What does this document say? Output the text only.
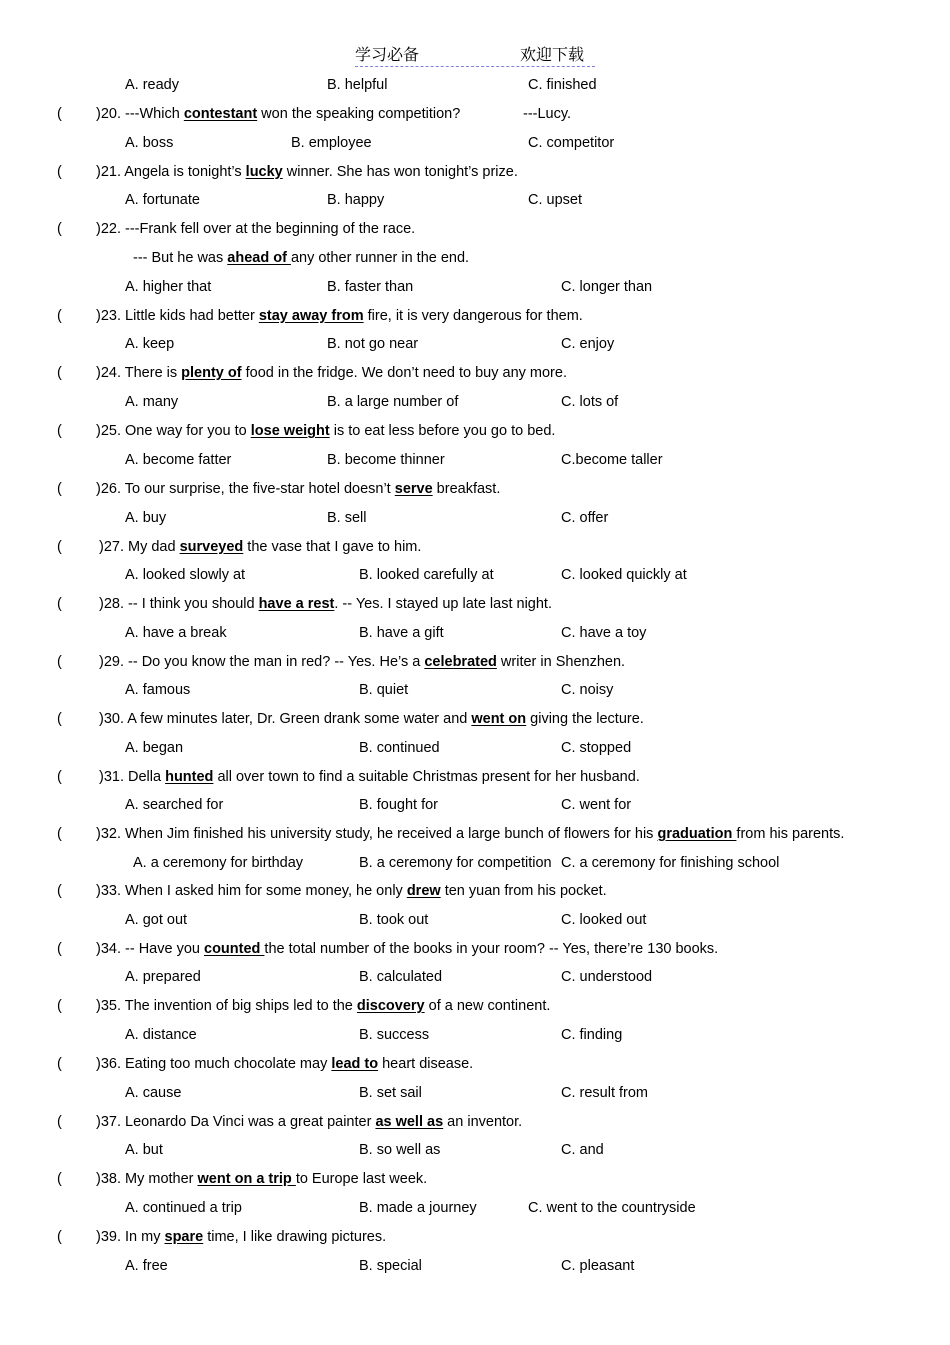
学习必备	欢迎下载
A. ready	B. helpful	C. finished
( )20. ---Which contestant won the speaking competition?	---Lucy.
A. boss	B. employee	C. competitor
( )21. Angela is tonight’s lucky winner. She has won tonight’s prize.
A. fortunate	B. happy	C. upset
( )22. ---Frank fell over at the beginning of the race.
--- But he was ahead of any other runner in the end.
A. higher that	B. faster than	C. longer than
( )23. Little kids had better stay away from fire, it is very dangerous for them.
A. keep	B. not go near	C. enjoy
( )24. There is plenty of food in the fridge. We don’t need to buy any more.
A. many	B. a large number of	C. lots of
( )25. One way for you to lose weight is to eat less before you go to bed.
A. become fatter	B. become thinner	C.become taller
( )26. To our surprise, the five-star hotel doesn’t serve breakfast.
A. buy	B. sell	C. offer
(	)27. My dad surveyed the vase that I gave to him.
A. looked slowly at	B. looked carefully at	C. looked quickly at
(	)28. -- I think you should have a rest. -- Yes. I stayed up late last night.
A. have a break	B. have a gift	C. have a toy
(	)29. -- Do you know the man in red? -- Yes. He’s a celebrated writer in Shenzhen.
A. famous	B. quiet	C. noisy
(	)30. A few minutes later, Dr. Green drank some water and went on giving the lecture.
A. began	B. continued	C. stopped
(	)31. Della hunted all over town to find a suitable Christmas present for her husband.
A. searched for	B. fought for	C. went for
( )32. When Jim finished his university study, he received a large bunch of flowers for his graduation from his parents.
A. a ceremony for birthday	B. a ceremony for competition C. a ceremony for finishing school
( )33. When I asked him for some money, he only drew ten yuan from his pocket.
A. got out	B. took out	C. looked out
( )34. -- Have you counted the total number of the books in your room? -- Yes, there’re 130 books.
A. prepared	B. calculated	C. understood
( )35. The invention of big ships led to the discovery of a new continent.
A. distance	B. success	C. finding
( )36. Eating too much chocolate may lead to heart disease.
A. cause	B. set sail	C. result from
( )37. Leonardo Da Vinci was a great painter as well as an inventor.
A. but	B. so well as	C. and
( )38. My mother went on a trip to Europe last week.
A. continued a trip	B. made a journey	C. went to the countryside
( )39. In my spare time, I like drawing pictures.
A. free	B. special	C. pleasant
